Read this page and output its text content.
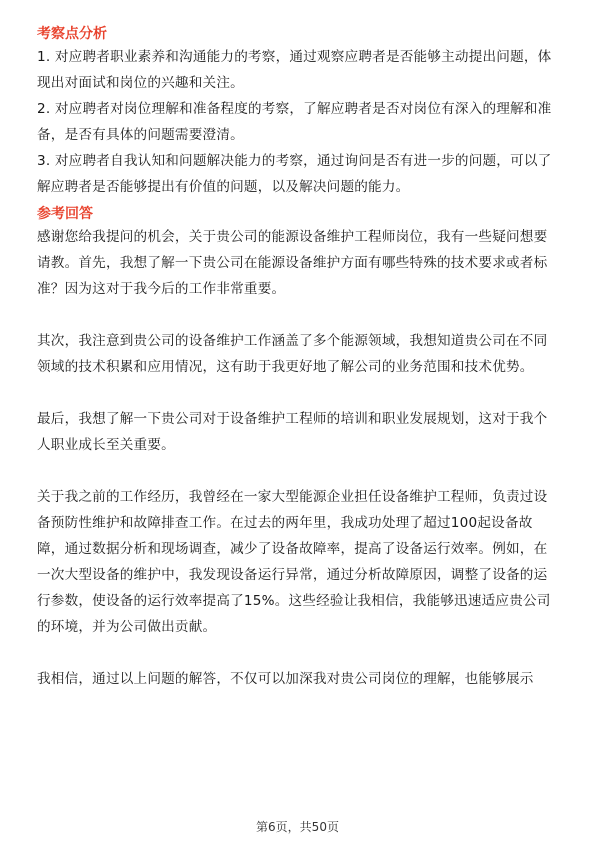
考察点分析

1. 对应聘者职业素养和沟通能力的考察，通过观察应聘者是否能够主动提出问题，体现出对面试和岗位的兴趣和关注。

2. 对应聘者对岗位理解和准备程度的考察，了解应聘者是否对岗位有深入的理解和准备，是否有具体的问题需要澄清。

3. 对应聘者自我认知和问题解决能力的考察，通过询问是否有进一步的问题，可以了解应聘者是否能够提出有价值的问题，以及解决问题的能力。

参考回答

感谢您给我提问的机会，关于贵公司的能源设备维护工程师岗位，我有一些疑问想要请教。首先，我想了解一下贵公司在能源设备维护方面有哪些特殊的技术要求或者标准？因为这对于我今后的工作非常重要。

其次，我注意到贵公司的设备维护工作涵盖了多个能源领域，我想知道贵公司在不同领域的技术积累和应用情况，这有助于我更好地了解公司的业务范围和技术优势。

最后，我想了解一下贵公司对于设备维护工程师的培训和职业发展规划，这对于我个人职业成长至关重要。

关于我之前的工作经历，我曾经在一家大型能源企业担任设备维护工程师，负责过设备预防性维护和故障排查工作。在过去的两年里，我成功处理了超过100起设备故障，通过数据分析和现场调查，减少了设备故障率，提高了设备运行效率。例如，在一次大型设备的维护中，我发现设备运行异常，通过分析故障原因，调整了设备的运行参数，使设备的运行效率提高了15%。这些经验让我相信，我能够迅速适应贵公司的环境，并为公司做出贡献。

我相信，通过以上问题的解答，不仅可以加深我对贵公司岗位的理解，也能够展示

第6页，共50页
